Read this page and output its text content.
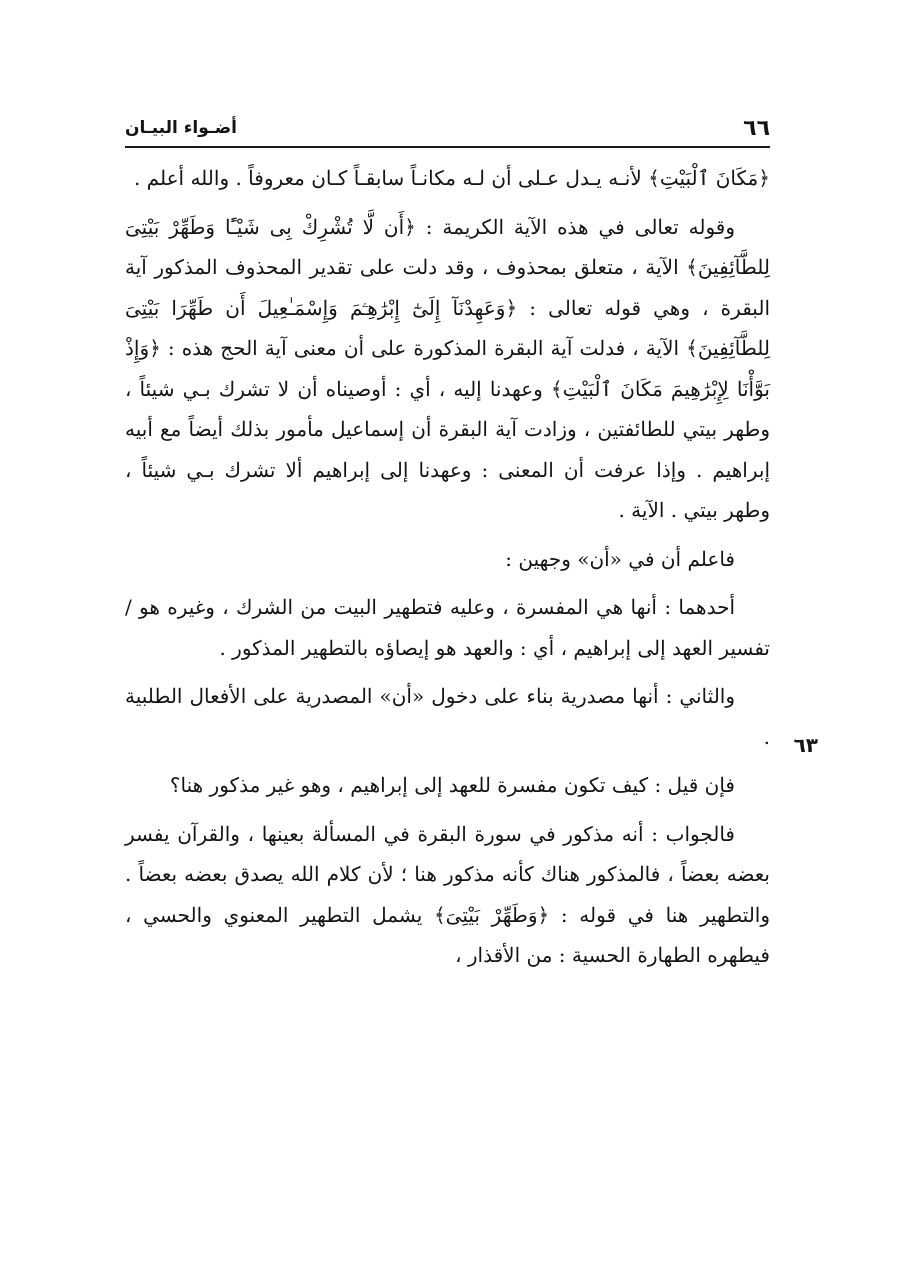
٦٦
أضـواء البيـان
٦٣

﴿مَكَانَ ٱلْبَيْتِ﴾ لأنـه يـدل عـلى أن لـه مكانـاً سابقـاً كـان معروفاً . والله أعلم .

وقوله تعالى في هذه الآية الكريمة : ﴿أَن لَّا تُشْرِكْ بِى شَيْـًٔا وَطَهِّرْ بَيْتِىَ لِلطَّآئِفِينَ﴾ الآية ، متعلق بمحذوف ، وقد دلت على تقدير المحذوف المذكور آية البقرة ، وهي قوله تعالى : ﴿وَعَهِدْنَآ إِلَىٰٓ إِبْرَٰهِـۧمَ وَإِسْمَـٰعِيلَ أَن طَهِّرَا بَيْتِىَ لِلطَّآئِفِينَ﴾ الآية ، فدلت آية البقرة المذكورة على أن معنى آية الحج هذه : ﴿وَإِذْ بَوَّأْنَا لِإِبْرَٰهِيمَ مَكَانَ ٱلْبَيْتِ﴾ وعهدنا إليه ، أي : أوصيناه أن لا تشرك بـي شيئاً ، وطهر بيتي للطائفتين ، وزادت آية البقرة أن إسماعيل مأمور بذلك أيضاً مع أبيه إبراهيم . وإذا عرفت أن المعنى : وعهدنا إلى إبراهيم ألا تشرك بـي شيئاً ، وطهر بيتي . الآية .

فاعلم أن في «أن» وجهين :

أحدهما : أنها هي المفسرة ، وعليه فتطهير البيت من الشرك ، وغيره هو / تفسير العهد إلى إبراهيم ، أي : والعهد هو إيصاؤه بالتطهير المذكور .

والثاني : أنها مصدرية بناء على دخول «أن» المصدرية على الأفعال الطلبية .

فإن قيل : كيف تكون مفسرة للعهد إلى إبراهيم ، وهو غير مذكور هنا؟

فالجواب : أنه مذكور في سورة البقرة في المسألة بعينها ، والقرآن يفسر بعضه بعضاً ، فالمذكور هناك كأنه مذكور هنا ؛ لأن كلام الله يصدق بعضه بعضاً . والتطهير هنا في قوله : ﴿وَطَهِّرْ بَيْتِىَ﴾ يشمل التطهير المعنوي والحسي ، فيطهره الطهارة الحسية : من الأقذار ،
